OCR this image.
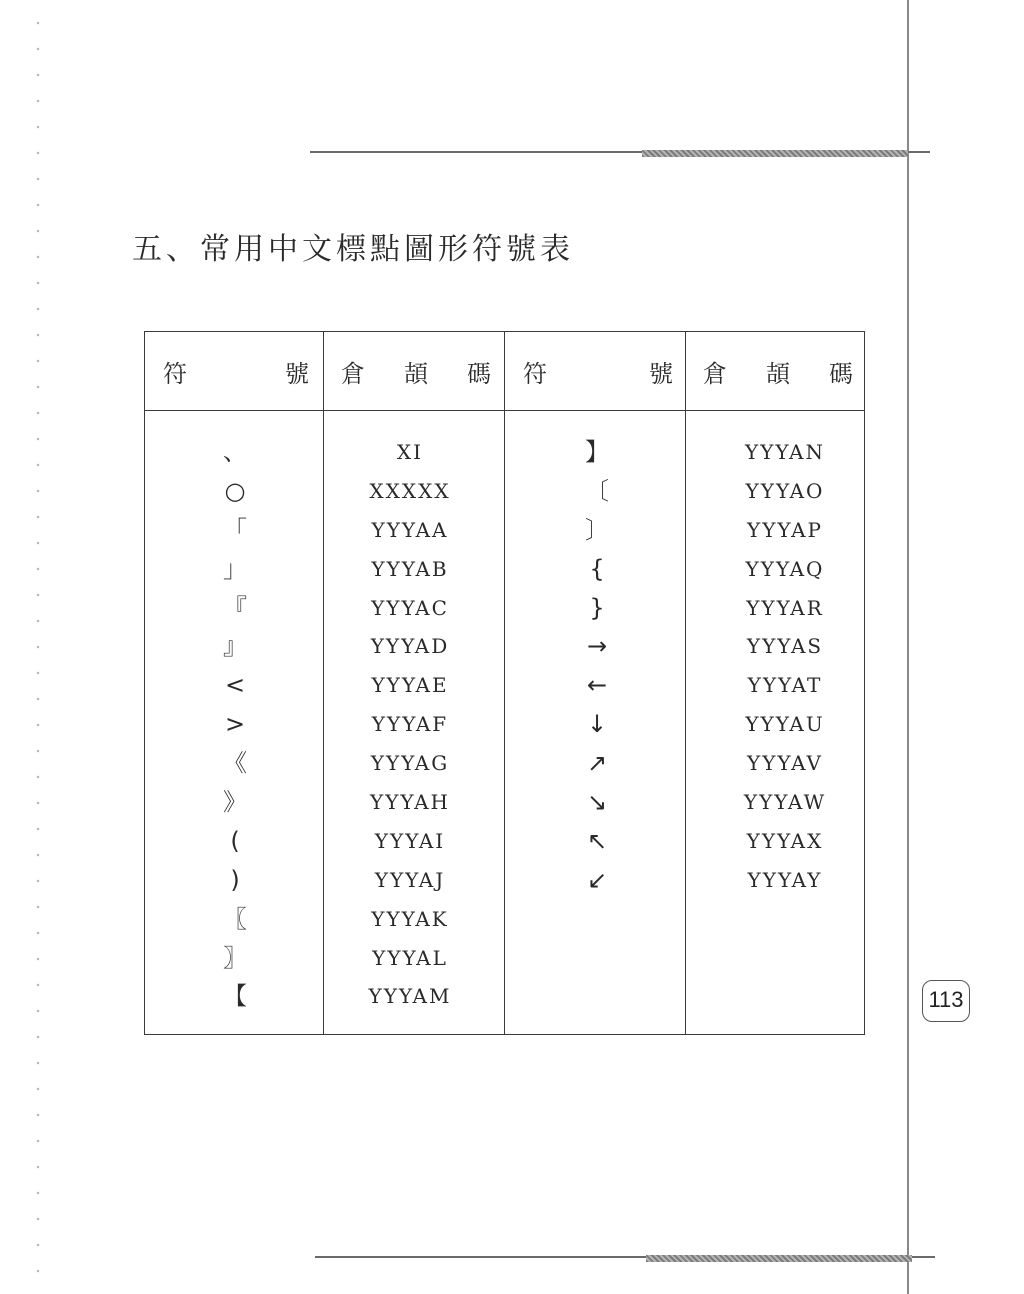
五、常用中文標點圖形符號表
符	號 倉 頡 碼 符	號 倉 頡 碼
、
○
「
」
『
』
<
>
《
》
(
)
〖
〗
【
XI
XXXXX
YYYAA
YYYAB
YYYAC
YYYAD
YYYAE
YYYAF
YYYAG
YYYAH
YYYAI
YYYAJ
YYYAK
YYYAL
YYYAM
】
〔
〕
{
}
→
←
↓
↗
↘
↖
↙
YYYAN
YYYAO
YYYAP
YYYAQ
YYYAR
YYYAS
YYYAT
YYYAU
YYYAV
YYYAW
YYYAX
YYYAY
113
